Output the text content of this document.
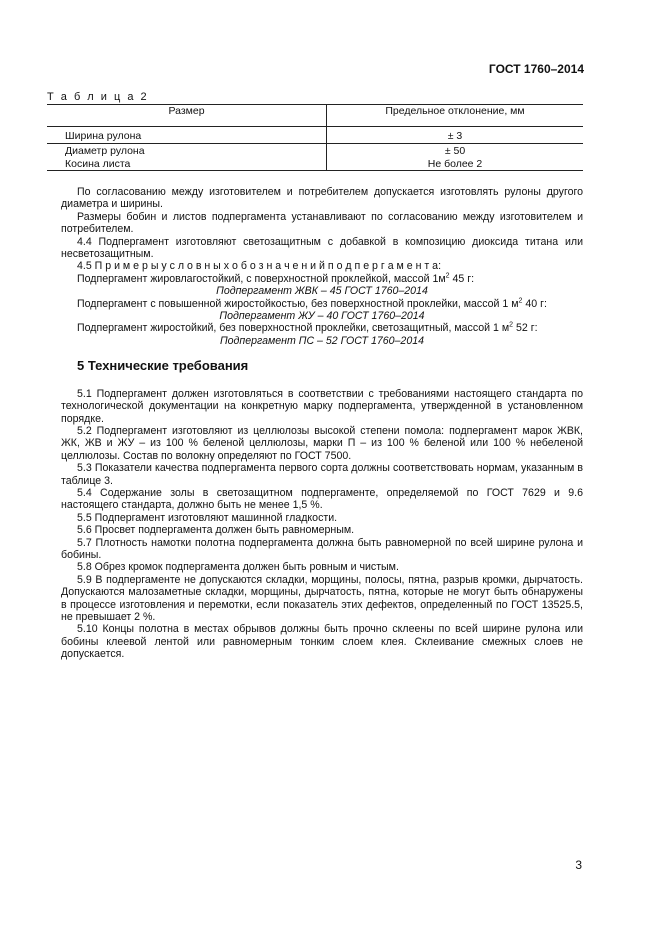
ГОСТ 1760–2014
Т а б л и ц а 2
Размер	Предельное отклонение, мм
Ширина рулона	± 3
Диаметр рулона	± 50
Косина листа	Не более 2

По согласованию между изготовителем и потребителем допускается изготовлять рулоны другого диаметра и ширины.

Размеры бобин и листов подпергамента устанавливают по согласованию между изготовителем и потребителем.

4.4 Подпергамент изготовляют светозащитным с добавкой в композицию диоксида титана или несветозащитным.

4.5 П р и м е р ы у с л о в н ы х о б о з н а ч е н и й п о д п е р г а м е н т а:

Подпергамент жировлагостойкий, с поверхностной проклейкой, массой $1м^2$ 45 г:

Подпергамент ЖВК – 45 ГОСТ 1760–2014

Подпергамент с повышенной жиростойкостью, без поверхностной проклейки, массой 1 $м^2$ 40 г:

Подпергамент ЖУ – 40 ГОСТ 1760–2014

Подпергамент жиростойкий, без поверхностной проклейки, светозащитный, массой 1 $м^2$ 52 г:

Подпергамент ПС – 52 ГОСТ 1760–2014

5 Технические требования

5.1 Подпергамент должен изготовляться в соответствии с требованиями настоящего стандарта по технологической документации на конкретную марку подпергамента, утвержденной в установленном порядке.

5.2 Подпергамент изготовляют из целлюлозы высокой степени помола: подпергамент марок ЖВК, ЖК, ЖВ и ЖУ – из 100 % беленой целлюлозы, марки П – из 100 % беленой или 100 % небеленой целлюлозы. Состав по волокну определяют по ГОСТ 7500.

5.3 Показатели качества подпергамента первого сорта должны соответствовать нормам, указанным в таблице 3.

5.4 Содержание золы в светозащитном подпергаменте, определяемой по ГОСТ 7629 и 9.6 настоящего стандарта, должно быть не менее 1,5 %.

5.5 Подпергамент изготовляют машинной гладкости.

5.6 Просвет подпергамента должен быть равномерным.

5.7 Плотность намотки полотна подпергамента должна быть равномерной по всей ширине рулона и бобины.

5.8 Обрез кромок подпергамента должен быть ровным и чистым.

5.9 В подпергаменте не допускаются складки, морщины, полосы, пятна, разрыв кромки, дырчатость. Допускаются малозаметные складки, морщины, дырчатость, пятна, которые не могут быть обнаружены в процессе изготовления и перемотки, если показатель этих дефектов, определенный по ГОСТ 13525.5, не превышает 2 %.

5.10 Концы полотна в местах обрывов должны быть прочно склеены по всей ширине рулона или бобины клеевой лентой или равномерным тонким слоем клея. Склеивание смежных слоев не допускается.

3
